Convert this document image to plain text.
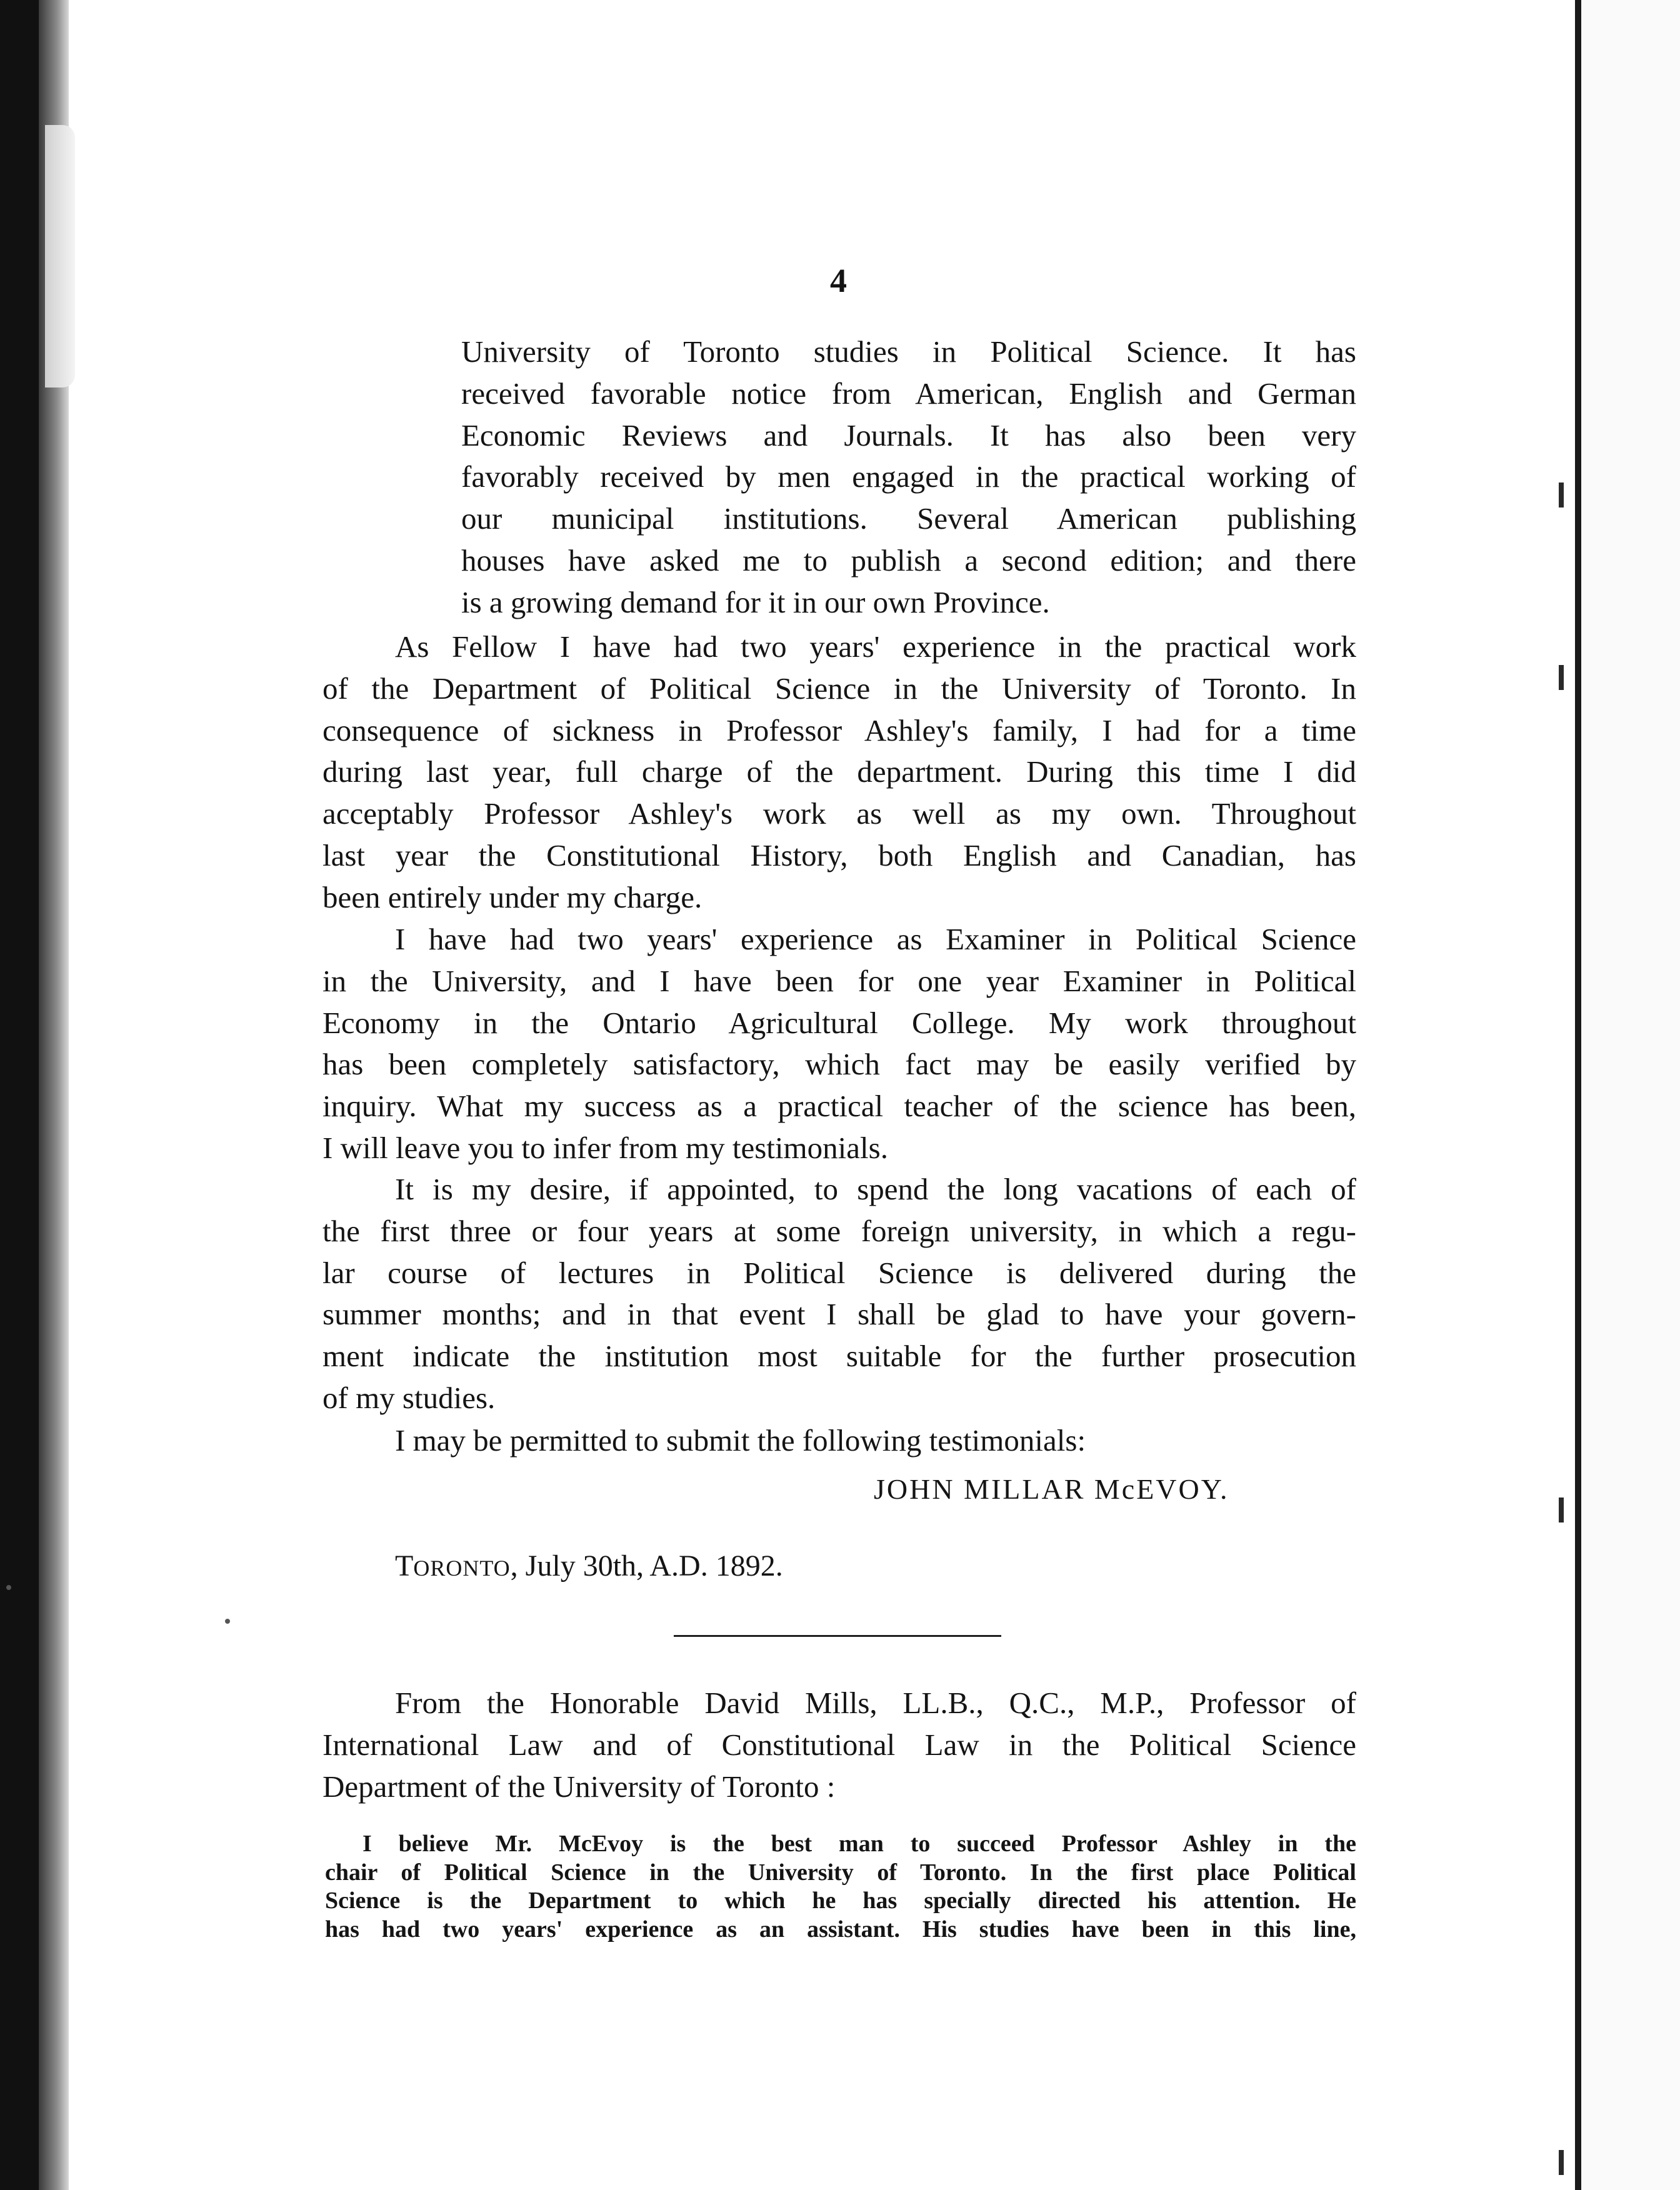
4
University of Toronto studies in Political Science. It has
received favorable notice from American, English and German
Economic Reviews and Journals. It has also been very
favorably received by men engaged in the practical working of
our municipal institutions. Several American publishing
houses have asked me to publish a second edition; and there
is a growing demand for it in our own Province.
As Fellow I have had two years' experience in the practical work
of the Department of Political Science in the University of Toronto. In
consequence of sickness in Professor Ashley's family, I had for a time
during last year, full charge of the department. During this time I did
acceptably Professor Ashley's work as well as my own. Throughout
last year the Constitutional History, both English and Canadian, has
been entirely under my charge.
I have had two years' experience as Examiner in Political Science
in the University, and I have been for one year Examiner in Political
Economy in the Ontario Agricultural College. My work throughout
has been completely satisfactory, which fact may be easily verified by
inquiry. What my success as a practical teacher of the science has been,
I will leave you to infer from my testimonials.
It is my desire, if appointed, to spend the long vacations of each of
the first three or four years at some foreign university, in which a regu-
lar course of lectures in Political Science is delivered during the
summer months; and in that event I shall be glad to have your govern-
ment indicate the institution most suitable for the further prosecution
of my studies.
I may be permitted to submit the following testimonials:
JOHN MILLAR McEVOY.
TORONTO, July 30th, A.D. 1892.
From the Honorable David Mills, LL.B., Q.C., M.P., Professor of
International Law and of Constitutional Law in the Political Science
Department of the University of Toronto :
I believe Mr. McEvoy is the best man to succeed Professor Ashley in the
chair of Political Science in the University of Toronto. In the first place Political
Science is the Department to which he has specially directed his attention. He
has had two years' experience as an assistant. His studies have been in this line,
